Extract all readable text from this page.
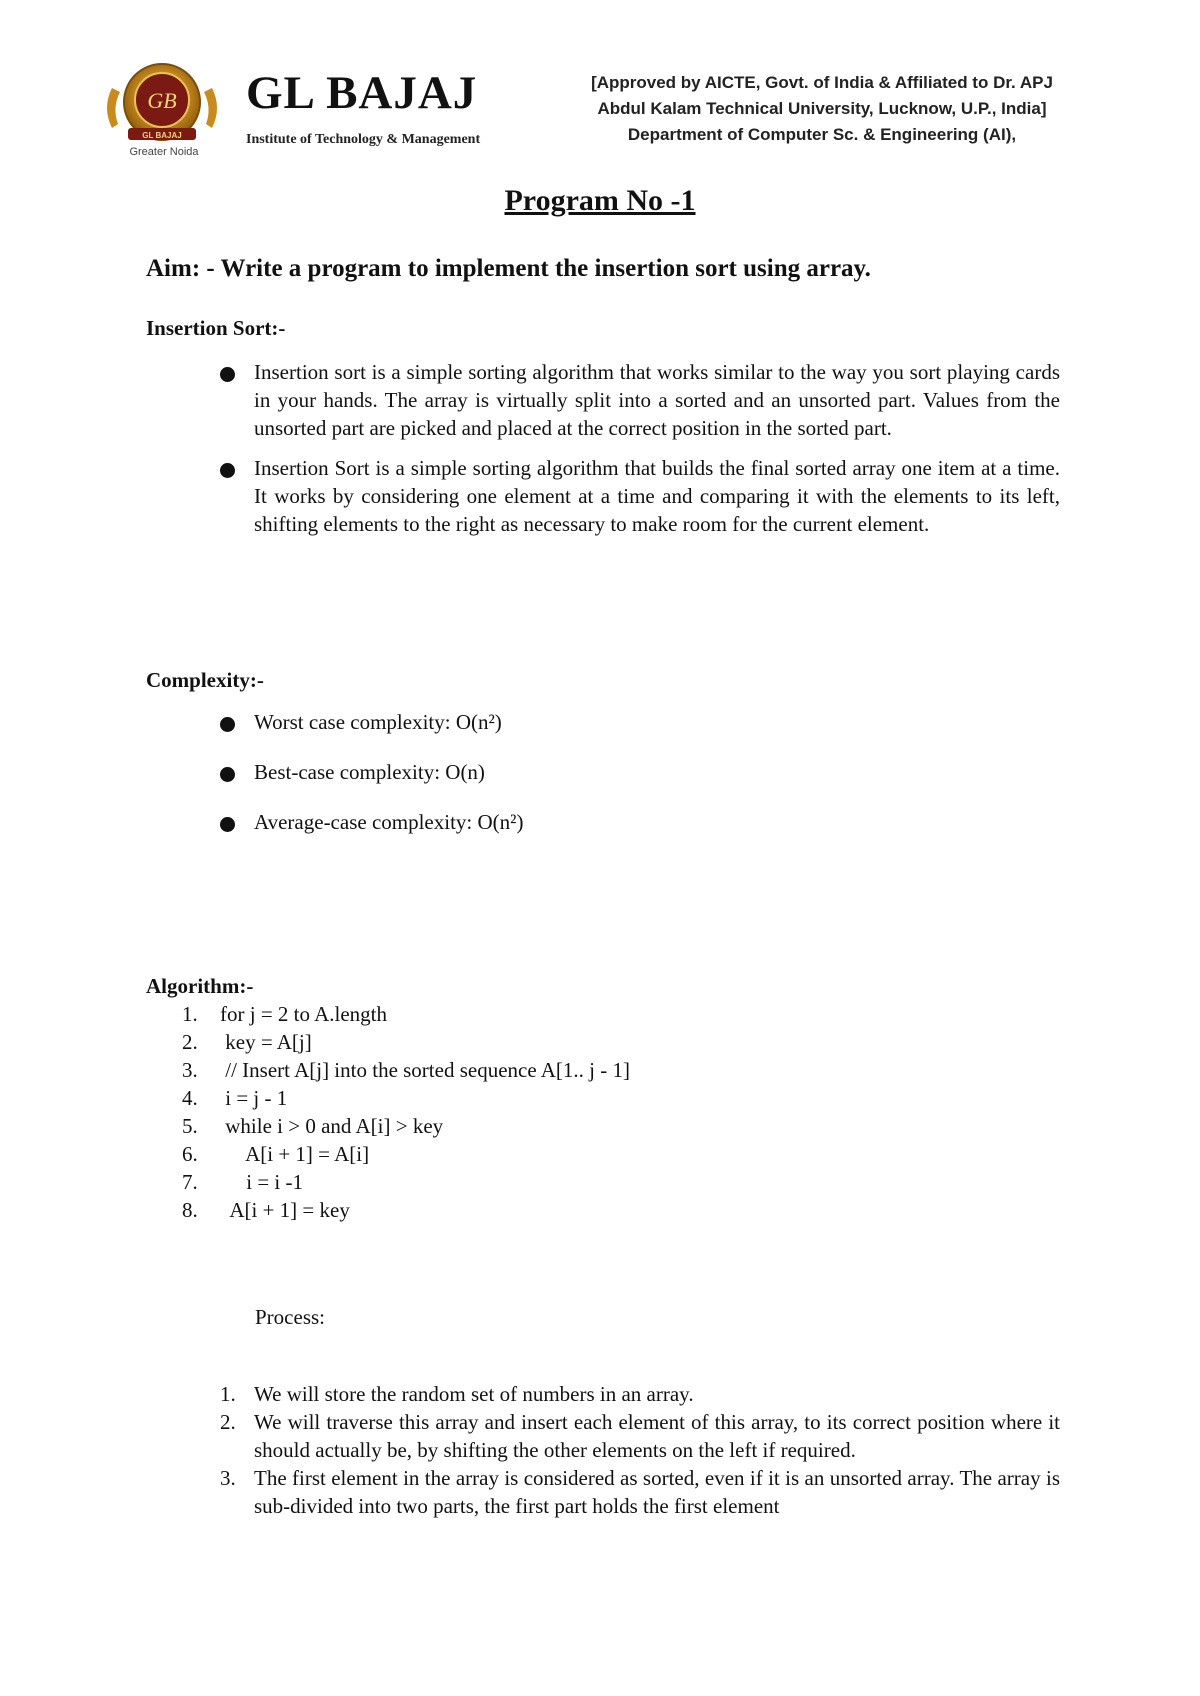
GB
GL BAJAJ
Greater Noida
GL BAJAJ
Institute of Technology & Management
[Approved by AICTE, Govt. of India & Affiliated to Dr. APJ
Abdul Kalam Technical University, Lucknow, U.P., India]
Department of Computer Sc. & Engineering (AI),
Program No -1
Aim: - Write a program to implement the insertion sort using array.
Insertion Sort:-
Insertion sort is a simple sorting algorithm that works similar to the way you sort playing cards in your hands. The array is virtually split into a sorted and an unsorted part. Values from the unsorted part are picked and placed at the correct position in the sorted part.
Insertion Sort is a simple sorting algorithm that builds the final sorted array one item at a time. It works by considering one element at a time and comparing it with the elements to its left, shifting elements to the right as necessary to make room for the current element.
Complexity:-
Worst case complexity: O(n²)
Best-case complexity: O(n)
Average-case complexity: O(n²)
Algorithm:-
1. for j = 2 to A.length
2. key = A[j]
3. // Insert A[j] into the sorted sequence A[1.. j - 1]
4. i = j - 1
5. while i > 0 and A[i] > key
6.     A[i + 1] = A[i]
7.     i = i -1
8.  A[i + 1] = key
Process:
1. We will store the random set of numbers in an array.
2. We will traverse this array and insert each element of this array, to its correct position where it should actually be, by shifting the other elements on the left if required.
3. The first element in the array is considered as sorted, even if it is an unsorted array. The array is sub-divided into two parts, the first part holds the first element
